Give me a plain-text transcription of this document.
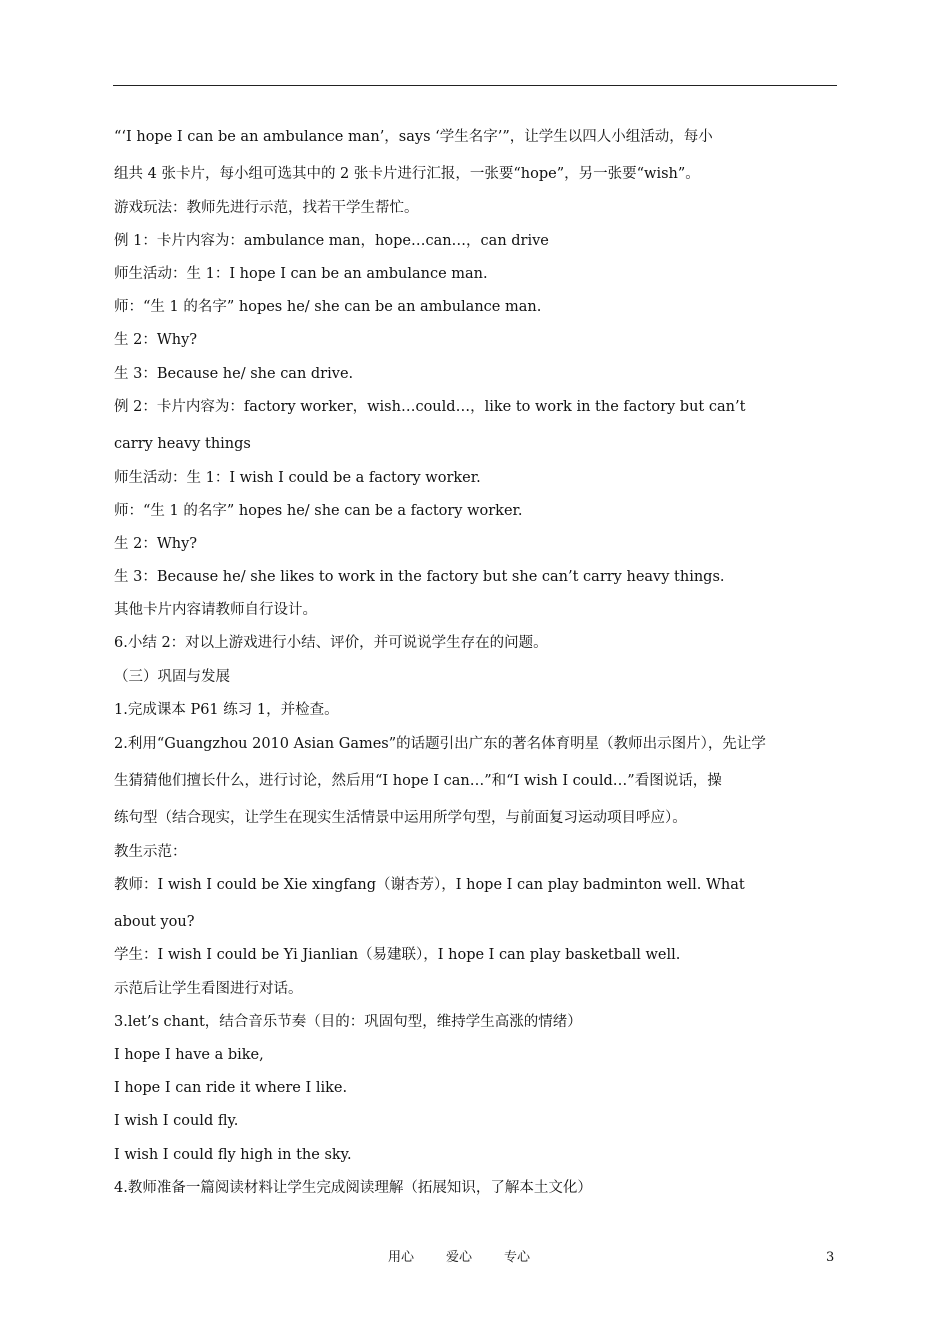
“‘I hope I can be an ambulance man’，says ‘学生名字’”，让学生以四人小组活动，每小
组共 4 张卡片，每小组可选其中的 2 张卡片进行汇报，一张要“hope”，另一张要“wish”。
游戏玩法：教师先进行示范，找若干学生帮忙。
例 1：卡片内容为：ambulance man，hope…can…，can drive
师生活动：生 1：I hope I can be an ambulance man.
师：“生 1 的名字” hopes he/ she can be an ambulance man.
生 2：Why?
生 3：Because he/ she can drive.
例 2：卡片内容为：factory worker，wish…could…，like to work in the factory but can’t
carry heavy things
师生活动：生 1：I wish I could be a factory worker.
师：“生 1 的名字” hopes he/ she can be a factory worker.
生 2：Why?
生 3：Because he/ she likes to work in the factory but she can’t carry heavy things.
其他卡片内容请教师自行设计。
6.小结 2：对以上游戏进行小结、评价，并可说说学生存在的问题。
（三）巩固与发展
1.完成课本 P61 练习 1，并检查。
2.利用“Guangzhou 2010 Asian Games”的话题引出广东的著名体育明星（教师出示图片），先让学
生猜猜他们擅长什么，进行讨论，然后用“I hope I can…”和“I wish I could…”看图说话，操
练句型（结合现实，让学生在现实生活情景中运用所学句型，与前面复习运动项目呼应）。
教生示范：
教师：I wish I could be Xie xingfang（谢杏芳），I hope I can play badminton well. What
about you?
学生：I wish I could be Yi Jianlian（易建联），I hope I can play basketball well.
示范后让学生看图进行对话。
3.let’s chant，结合音乐节奏（目的：巩固句型，维持学生高涨的情绪）
I hope I have a bike,
I hope I can ride it where I like.
I wish I could fly.
I wish I could fly high in the sky.
4.教师准备一篇阅读材料让学生完成阅读理解（拓展知识，了解本土文化）
用心 爱心 专心	3
